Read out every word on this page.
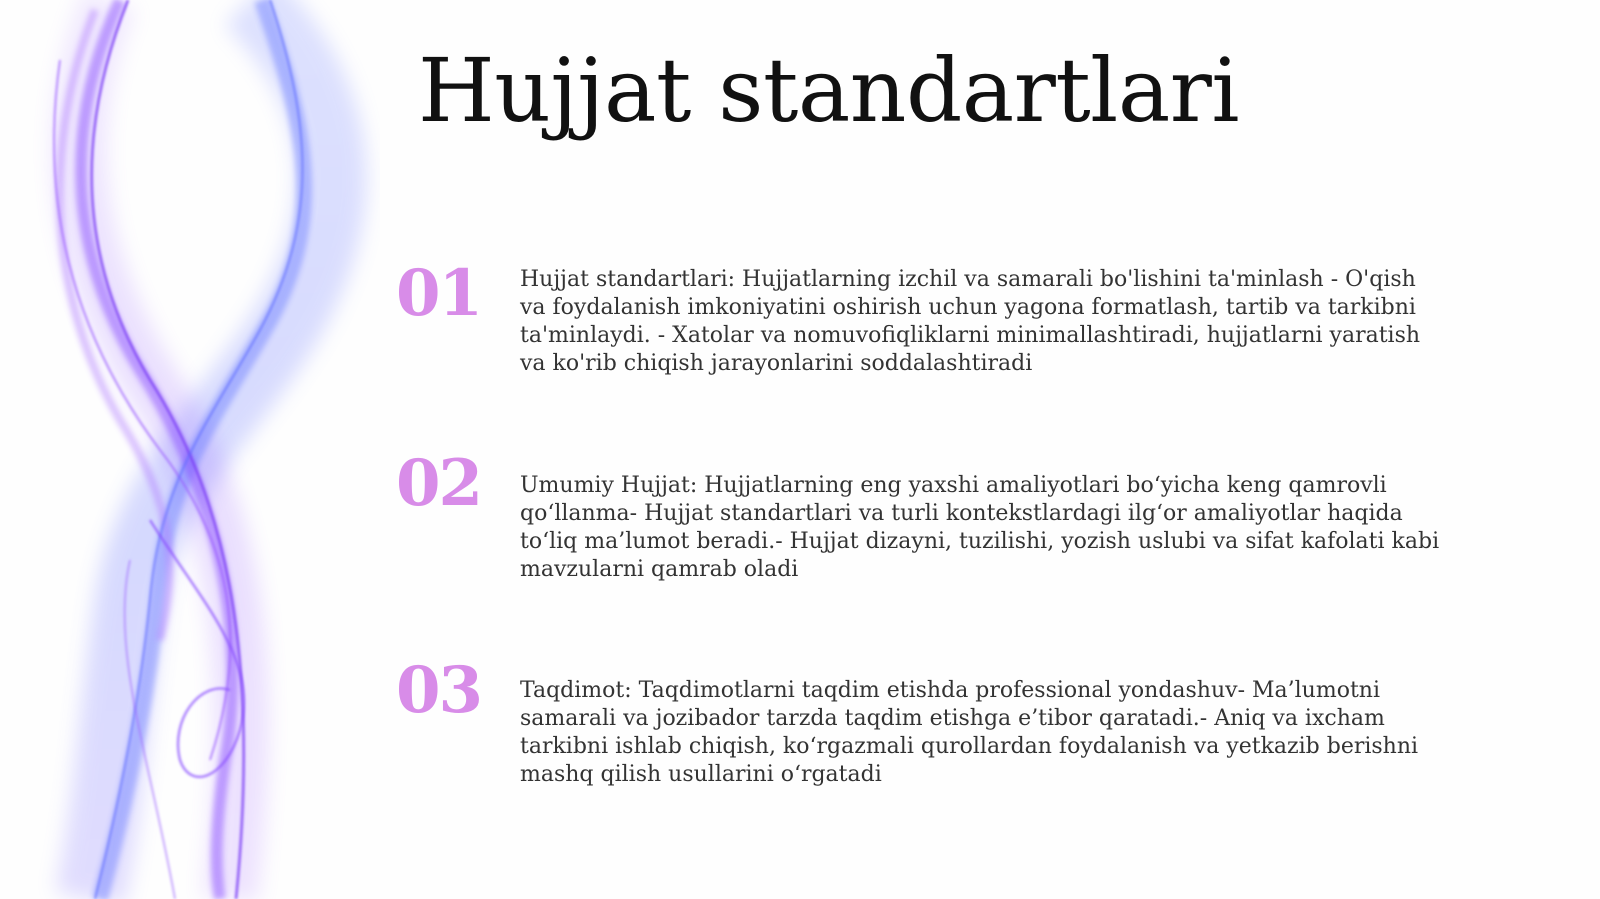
Hujjat standartlari
01 Hujjat standartlari: Hujjatlarning izchil va samarali bo'lishini ta'minlash - O'qish va foydalanish imkoniyatini oshirish uchun yagona formatlash, tartib va tarkibni ta'minlaydi. - Xatolar va nomuvofiqliklarni minimallashtiradi, hujjatlarni yaratish va ko'rib chiqish jarayonlarini soddalashtiradi
02 Umumiy Hujjat: Hujjatlarning eng yaxshi amaliyotlari bo‘yicha keng qamrovli qo‘llanma- Hujjat standartlari va turli kontekstlardagi ilg‘or amaliyotlar haqida to‘liq ma’lumot beradi.- Hujjat dizayni, tuzilishi, yozish uslubi va sifat kafolati kabi mavzularni qamrab oladi
03 Taqdimot: Taqdimotlarni taqdim etishda professional yondashuv- Ma’lumotni samarali va jozibador tarzda taqdim etishga e’tibor qaratadi.- Aniq va ixcham tarkibni ishlab chiqish, ko‘rgazmali qurollardan foydalanish va yetkazib berishni mashq qilish usullarini o‘rgatadi
